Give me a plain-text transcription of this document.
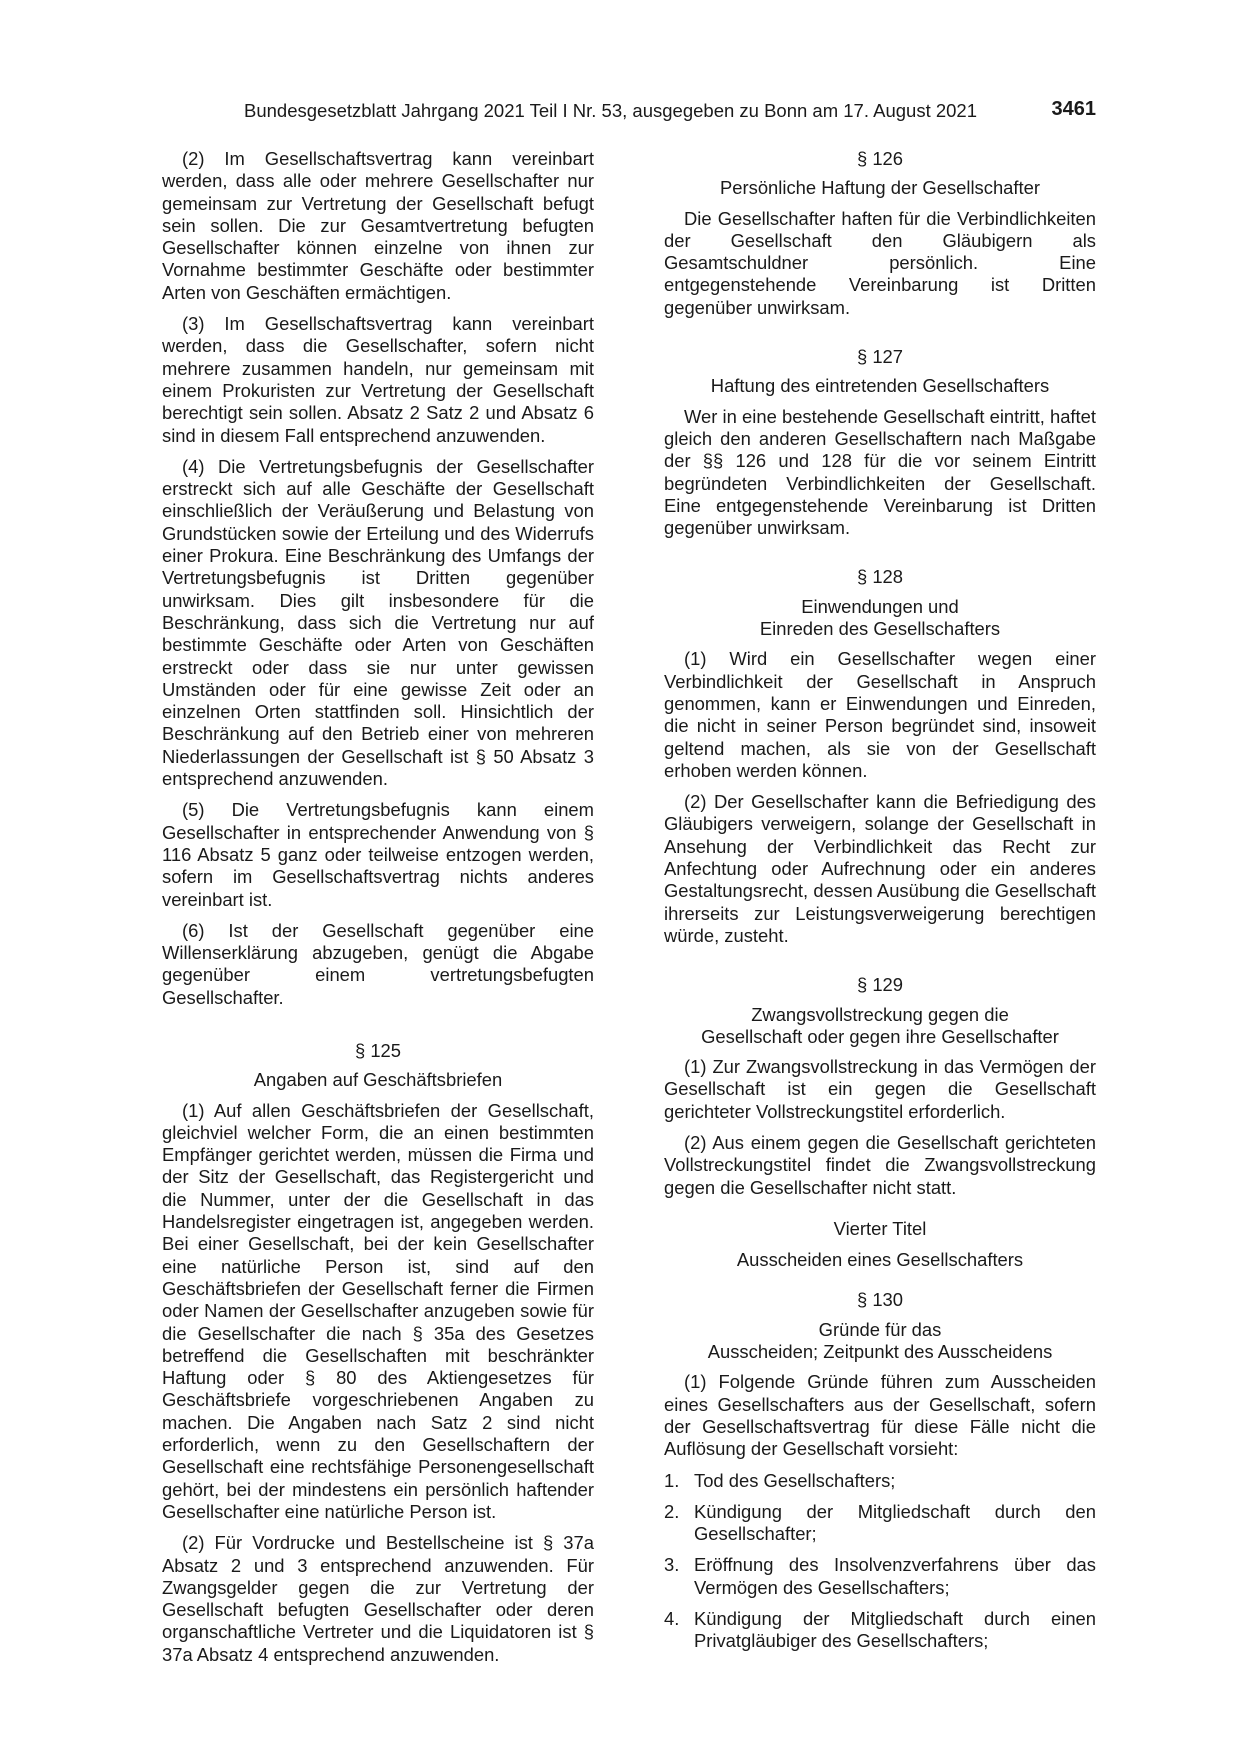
Bundesgesetzblatt Jahrgang 2021 Teil I Nr. 53, ausgegeben zu Bonn am 17. August 2021	3461

(2) Im Gesellschaftsvertrag kann vereinbart werden, dass alle oder mehrere Gesellschafter nur gemeinsam zur Vertretung der Gesellschaft befugt sein sollen. Die zur Gesamtvertretung befugten Gesellschafter können einzelne von ihnen zur Vornahme bestimmter Geschäfte oder bestimmter Arten von Geschäften ermächtigen.

(3) Im Gesellschaftsvertrag kann vereinbart werden, dass die Gesellschafter, sofern nicht mehrere zusammen handeln, nur gemeinsam mit einem Prokuristen zur Vertretung der Gesellschaft berechtigt sein sollen. Absatz 2 Satz 2 und Absatz 6 sind in diesem Fall entsprechend anzuwenden.

(4) Die Vertretungsbefugnis der Gesellschafter erstreckt sich auf alle Geschäfte der Gesellschaft einschließlich der Veräußerung und Belastung von Grundstücken sowie der Erteilung und des Widerrufs einer Prokura. Eine Beschränkung des Umfangs der Vertretungsbefugnis ist Dritten gegenüber unwirksam. Dies gilt insbesondere für die Beschränkung, dass sich die Vertretung nur auf bestimmte Geschäfte oder Arten von Geschäften erstreckt oder dass sie nur unter gewissen Umständen oder für eine gewisse Zeit oder an einzelnen Orten stattfinden soll. Hinsichtlich der Beschränkung auf den Betrieb einer von mehreren Niederlassungen der Gesellschaft ist § 50 Absatz 3 entsprechend anzuwenden.

(5) Die Vertretungsbefugnis kann einem Gesellschafter in entsprechender Anwendung von § 116 Absatz 5 ganz oder teilweise entzogen werden, sofern im Gesellschaftsvertrag nichts anderes vereinbart ist.

(6) Ist der Gesellschaft gegenüber eine Willenserklärung abzugeben, genügt die Abgabe gegenüber einem vertretungsbefugten Gesellschafter.

§ 125
Angaben auf Geschäftsbriefen

(1) Auf allen Geschäftsbriefen der Gesellschaft, gleichviel welcher Form, die an einen bestimmten Empfänger gerichtet werden, müssen die Firma und der Sitz der Gesellschaft, das Registergericht und die Nummer, unter der die Gesellschaft in das Handelsregister eingetragen ist, angegeben werden. Bei einer Gesellschaft, bei der kein Gesellschafter eine natürliche Person ist, sind auf den Geschäftsbriefen der Gesellschaft ferner die Firmen oder Namen der Gesellschafter anzugeben sowie für die Gesellschafter die nach § 35a des Gesetzes betreffend die Gesellschaften mit beschränkter Haftung oder § 80 des Aktiengesetzes für Geschäftsbriefe vorgeschriebenen Angaben zu machen. Die Angaben nach Satz 2 sind nicht erforderlich, wenn zu den Gesellschaftern der Gesellschaft eine rechtsfähige Personengesellschaft gehört, bei der mindestens ein persönlich haftender Gesellschafter eine natürliche Person ist.

(2) Für Vordrucke und Bestellscheine ist § 37a Absatz 2 und 3 entsprechend anzuwenden. Für Zwangsgelder gegen die zur Vertretung der Gesellschaft befugten Gesellschafter oder deren organschaftliche Vertreter und die Liquidatoren ist § 37a Absatz 4 entsprechend anzuwenden.

§ 126
Persönliche Haftung der Gesellschafter

Die Gesellschafter haften für die Verbindlichkeiten der Gesellschaft den Gläubigern als Gesamtschuldner persönlich. Eine entgegenstehende Vereinbarung ist Dritten gegenüber unwirksam.

§ 127
Haftung des eintretenden Gesellschafters

Wer in eine bestehende Gesellschaft eintritt, haftet gleich den anderen Gesellschaftern nach Maßgabe der §§ 126 und 128 für die vor seinem Eintritt begründeten Verbindlichkeiten der Gesellschaft. Eine entgegenstehende Vereinbarung ist Dritten gegenüber unwirksam.

§ 128
Einwendungen und
Einreden des Gesellschafters

(1) Wird ein Gesellschafter wegen einer Verbindlichkeit der Gesellschaft in Anspruch genommen, kann er Einwendungen und Einreden, die nicht in seiner Person begründet sind, insoweit geltend machen, als sie von der Gesellschaft erhoben werden können.

(2) Der Gesellschafter kann die Befriedigung des Gläubigers verweigern, solange der Gesellschaft in Ansehung der Verbindlichkeit das Recht zur Anfechtung oder Aufrechnung oder ein anderes Gestaltungsrecht, dessen Ausübung die Gesellschaft ihrerseits zur Leistungsverweigerung berechtigen würde, zusteht.

§ 129
Zwangsvollstreckung gegen die
Gesellschaft oder gegen ihre Gesellschafter

(1) Zur Zwangsvollstreckung in das Vermögen der Gesellschaft ist ein gegen die Gesellschaft gerichteter Vollstreckungstitel erforderlich.

(2) Aus einem gegen die Gesellschaft gerichteten Vollstreckungstitel findet die Zwangsvollstreckung gegen die Gesellschafter nicht statt.

Vierter Titel
Ausscheiden eines Gesellschafters
§ 130
Gründe für das
Ausscheiden; Zeitpunkt des Ausscheidens

(1) Folgende Gründe führen zum Ausscheiden eines Gesellschafters aus der Gesellschaft, sofern der Gesellschaftsvertrag für diese Fälle nicht die Auflösung der Gesellschaft vorsieht:

1. Tod des Gesellschafters;
2. Kündigung der Mitgliedschaft durch den Gesellschafter;
3. Eröffnung des Insolvenzverfahrens über das Vermögen des Gesellschafters;
4. Kündigung der Mitgliedschaft durch einen Privatgläubiger des Gesellschafters;
